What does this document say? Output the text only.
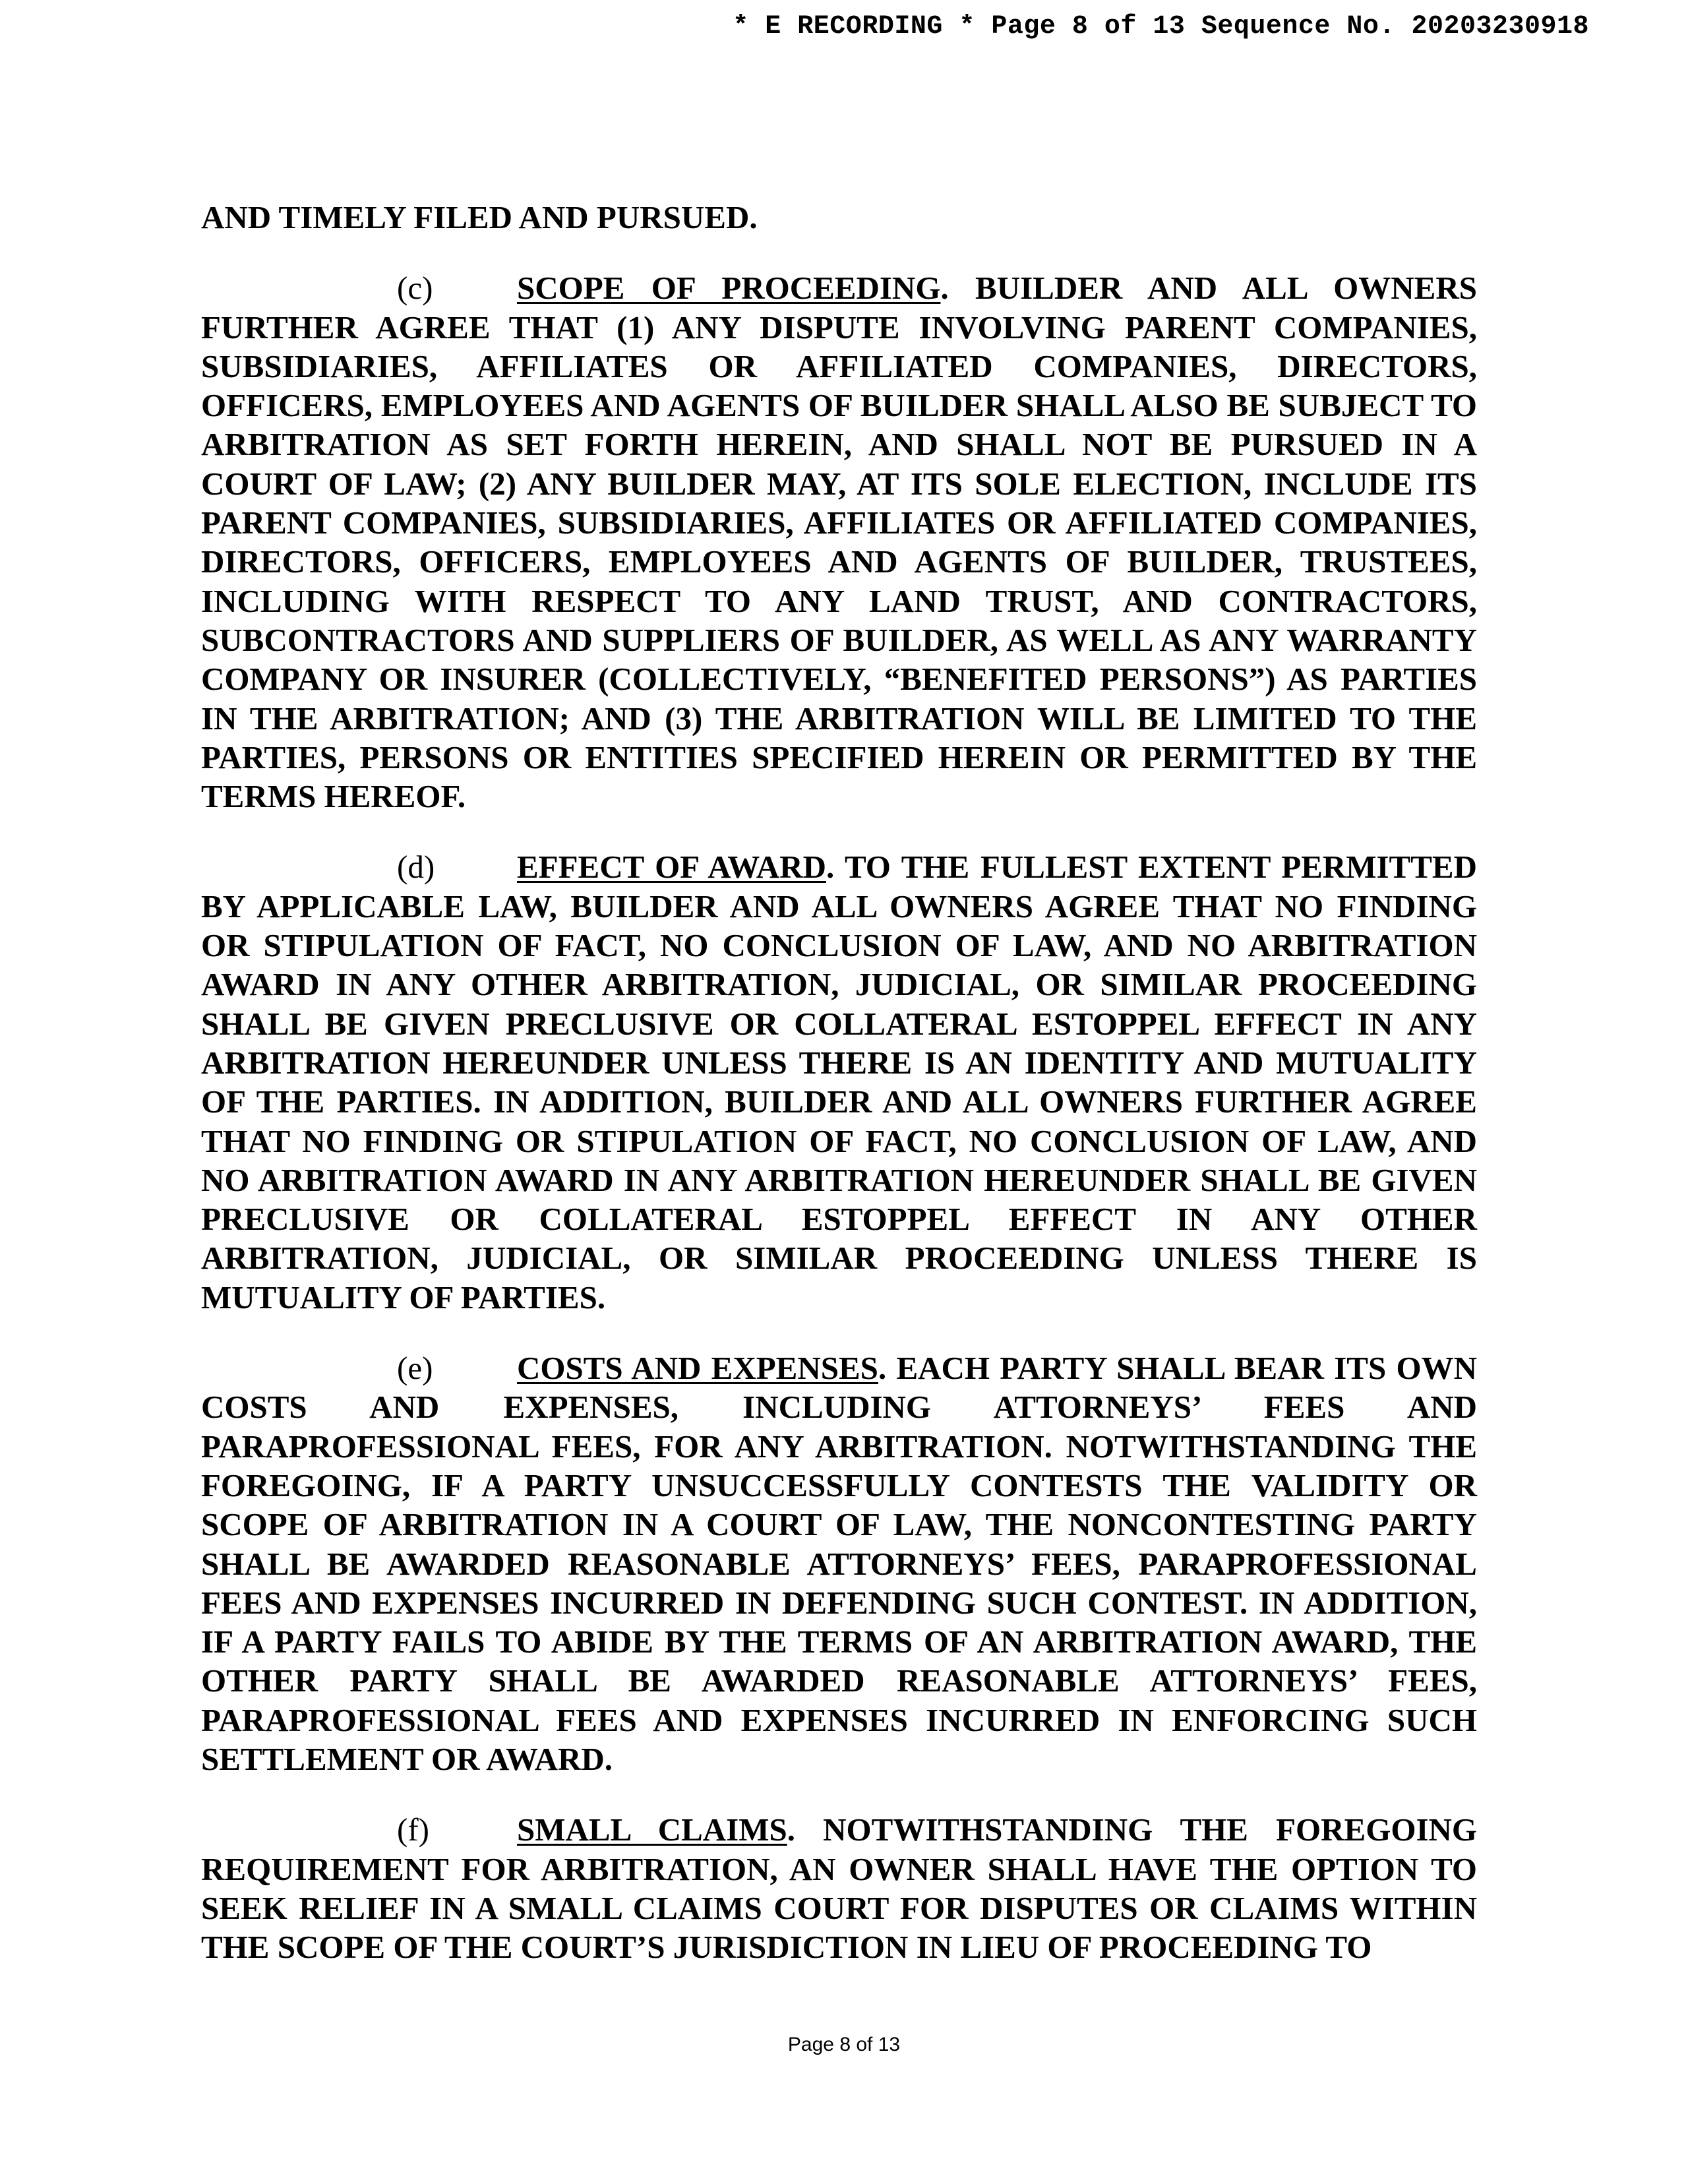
* E RECORDING * Page 8 of 13 Sequence No. 20203230918

AND TIMELY FILED AND PURSUED.

(c)	SCOPE OF PROCEEDING. BUILDER AND ALL OWNERS FURTHER AGREE THAT (1) ANY DISPUTE INVOLVING PARENT COMPANIES, SUBSIDIARIES, AFFILIATES OR AFFILIATED COMPANIES, DIRECTORS, OFFICERS, EMPLOYEES AND AGENTS OF BUILDER SHALL ALSO BE SUBJECT TO ARBITRATION AS SET FORTH HEREIN, AND SHALL NOT BE PURSUED IN A COURT OF LAW; (2) ANY BUILDER MAY, AT ITS SOLE ELECTION, INCLUDE ITS PARENT COMPANIES, SUBSIDIARIES, AFFILIATES OR AFFILIATED COMPANIES, DIRECTORS, OFFICERS, EMPLOYEES AND AGENTS OF BUILDER, TRUSTEES, INCLUDING WITH RESPECT TO ANY LAND TRUST, AND CONTRACTORS, SUBCONTRACTORS AND SUPPLIERS OF BUILDER, AS WELL AS ANY WARRANTY COMPANY OR INSURER (COLLECTIVELY, “BENEFITED PERSONS”) AS PARTIES IN THE ARBITRATION; AND (3) THE ARBITRATION WILL BE LIMITED TO THE PARTIES, PERSONS OR ENTITIES SPECIFIED HEREIN OR PERMITTED BY THE TERMS HEREOF.

(d)	EFFECT OF AWARD. TO THE FULLEST EXTENT PERMITTED BY APPLICABLE LAW, BUILDER AND ALL OWNERS AGREE THAT NO FINDING OR STIPULATION OF FACT, NO CONCLUSION OF LAW, AND NO ARBITRATION AWARD IN ANY OTHER ARBITRATION, JUDICIAL, OR SIMILAR PROCEEDING SHALL BE GIVEN PRECLUSIVE OR COLLATERAL ESTOPPEL EFFECT IN ANY ARBITRATION HEREUNDER UNLESS THERE IS AN IDENTITY AND MUTUALITY OF THE PARTIES. IN ADDITION, BUILDER AND ALL OWNERS FURTHER AGREE THAT NO FINDING OR STIPULATION OF FACT, NO CONCLUSION OF LAW, AND NO ARBITRATION AWARD IN ANY ARBITRATION HEREUNDER SHALL BE GIVEN PRECLUSIVE OR COLLATERAL ESTOPPEL EFFECT IN ANY OTHER ARBITRATION, JUDICIAL, OR SIMILAR PROCEEDING UNLESS THERE IS MUTUALITY OF PARTIES.

(e)	COSTS AND EXPENSES. EACH PARTY SHALL BEAR ITS OWN COSTS AND EXPENSES, INCLUDING ATTORNEYS’ FEES AND PARAPROFESSIONAL FEES, FOR ANY ARBITRATION. NOTWITHSTANDING THE FOREGOING, IF A PARTY UNSUCCESSFULLY CONTESTS THE VALIDITY OR SCOPE OF ARBITRATION IN A COURT OF LAW, THE NONCONTESTING PARTY SHALL BE AWARDED REASONABLE ATTORNEYS’ FEES, PARAPROFESSIONAL FEES AND EXPENSES INCURRED IN DEFENDING SUCH CONTEST. IN ADDITION, IF A PARTY FAILS TO ABIDE BY THE TERMS OF AN ARBITRATION AWARD, THE OTHER PARTY SHALL BE AWARDED REASONABLE ATTORNEYS’ FEES, PARAPROFESSIONAL FEES AND EXPENSES INCURRED IN ENFORCING SUCH SETTLEMENT OR AWARD.

(f)	SMALL CLAIMS. NOTWITHSTANDING THE FOREGOING REQUIREMENT FOR ARBITRATION, AN OWNER SHALL HAVE THE OPTION TO SEEK RELIEF IN A SMALL CLAIMS COURT FOR DISPUTES OR CLAIMS WITHIN THE SCOPE OF THE COURT’S JURISDICTION IN LIEU OF PROCEEDING TO

Page 8 of 13
